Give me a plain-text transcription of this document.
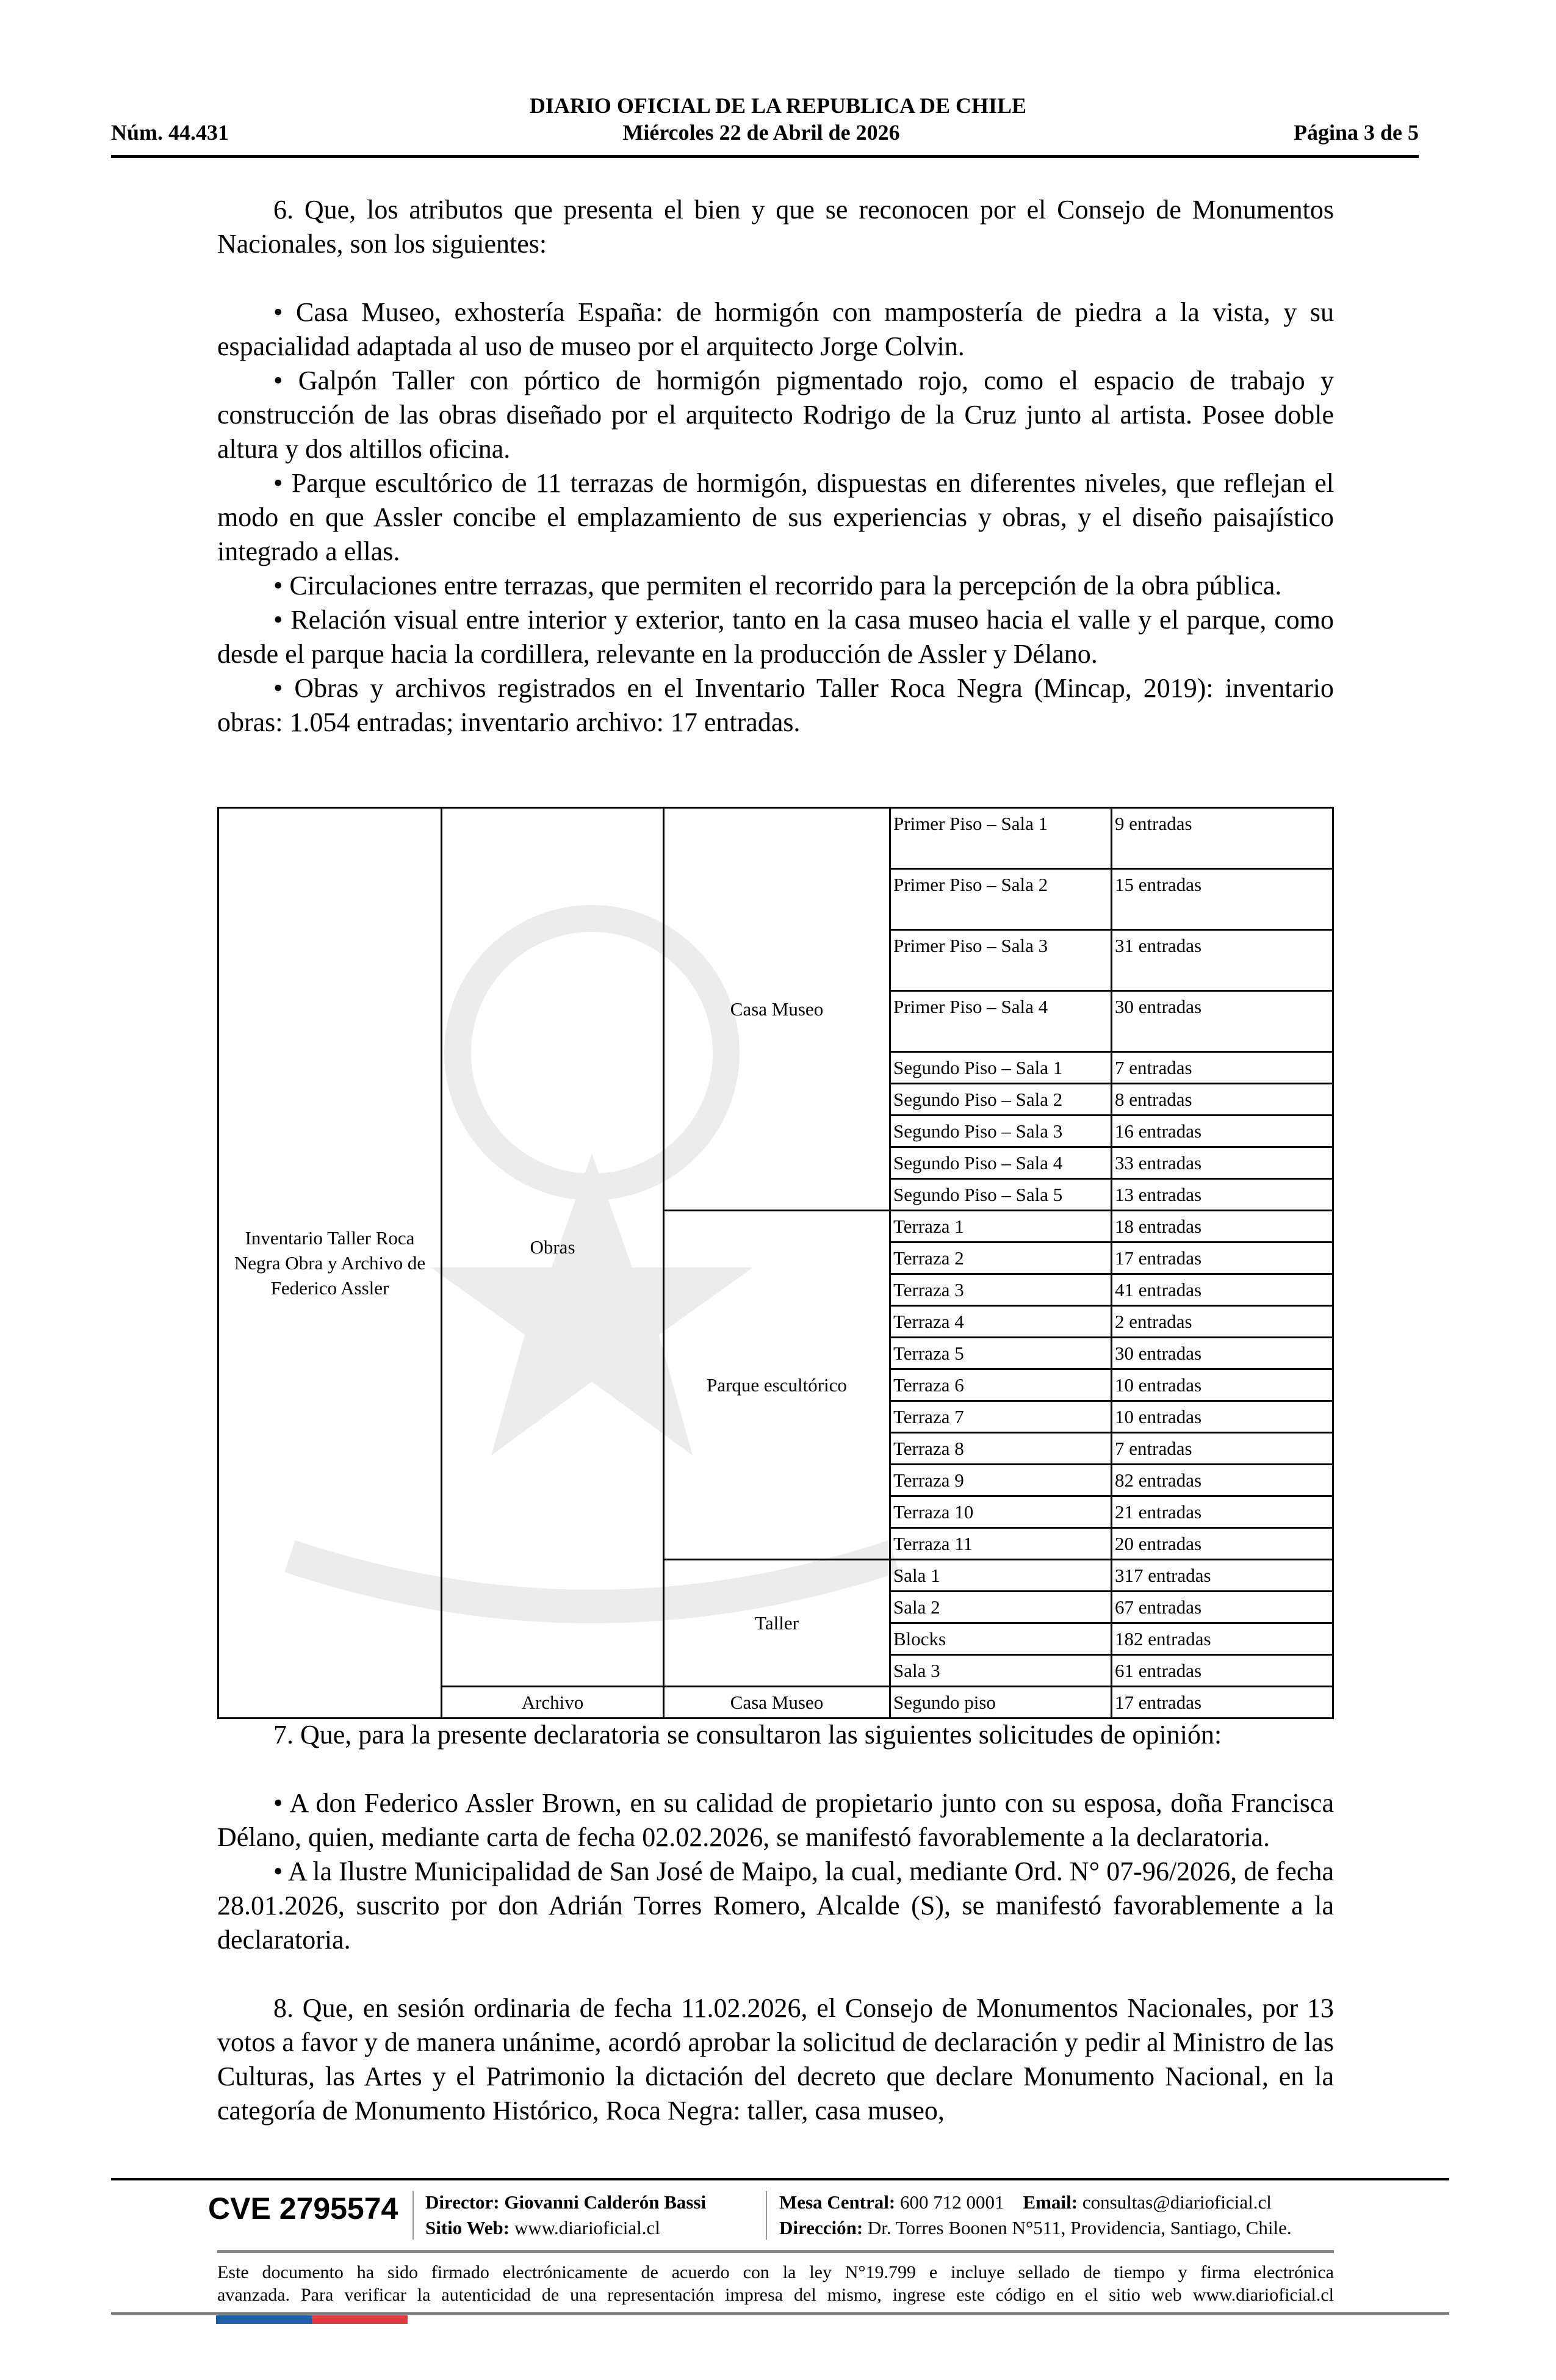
DIARIO OFICIAL DE LA REPUBLICA DE CHILE
Núm. 44.431	Miércoles 22 de Abril de 2026	Página 3 de 5

6. Que, los atributos que presenta el bien y que se reconocen por el Consejo de Monumentos Nacionales, son los siguientes:

• Casa Museo, exhostería España: de hormigón con mampostería de piedra a la vista, y su espacialidad adaptada al uso de museo por el arquitecto Jorge Colvin.

• Galpón Taller con pórtico de hormigón pigmentado rojo, como el espacio de trabajo y construcción de las obras diseñado por el arquitecto Rodrigo de la Cruz junto al artista. Posee doble altura y dos altillos oficina.

• Parque escultórico de 11 terrazas de hormigón, dispuestas en diferentes niveles, que reflejan el modo en que Assler concibe el emplazamiento de sus experiencias y obras, y el diseño paisajístico integrado a ellas.

• Circulaciones entre terrazas, que permiten el recorrido para la percepción de la obra pública.

• Relación visual entre interior y exterior, tanto en la casa museo hacia el valle y el parque, como desde el parque hacia la cordillera, relevante en la producción de Assler y Délano.

• Obras y archivos registrados en el Inventario Taller Roca Negra (Mincap, 2019): inventario obras: 1.054 entradas; inventario archivo: 17 entradas.

Inventario Taller Roca Negra Obra y Archivo de Federico Assler	Obras	Casa Museo	Primer Piso – Sala 1	9 entradas
			Primer Piso – Sala 2	15 entradas
			Primer Piso – Sala 3	31 entradas
			Primer Piso – Sala 4	30 entradas
			Segundo Piso – Sala 1	7 entradas
			Segundo Piso – Sala 2	8 entradas
			Segundo Piso – Sala 3	16 entradas
			Segundo Piso – Sala 4	33 entradas
			Segundo Piso – Sala 5	13 entradas
		Parque escultórico	Terraza 1	18 entradas
			Terraza 2	17 entradas
			Terraza 3	41 entradas
			Terraza 4	2 entradas
			Terraza 5	30 entradas
			Terraza 6	10 entradas
			Terraza 7	10 entradas
			Terraza 8	7 entradas
			Terraza 9	82 entradas
			Terraza 10	21 entradas
			Terraza 11	20 entradas
		Taller	Sala 1	317 entradas
			Sala 2	67 entradas
			Blocks	182 entradas
			Sala 3	61 entradas
	Archivo	Casa Museo	Segundo piso	17 entradas

7. Que, para la presente declaratoria se consultaron las siguientes solicitudes de opinión:

• A don Federico Assler Brown, en su calidad de propietario junto con su esposa, doña Francisca Délano, quien, mediante carta de fecha 02.02.2026, se manifestó favorablemente a la declaratoria.

• A la Ilustre Municipalidad de San José de Maipo, la cual, mediante Ord. N° 07-96/2026, de fecha 28.01.2026, suscrito por don Adrián Torres Romero, Alcalde (S), se manifestó favorablemente a la declaratoria.

8. Que, en sesión ordinaria de fecha 11.02.2026, el Consejo de Monumentos Nacionales, por 13 votos a favor y de manera unánime, acordó aprobar la solicitud de declaración y pedir al Ministro de las Culturas, las Artes y el Patrimonio la dictación del decreto que declare Monumento Nacional, en la categoría de Monumento Histórico, Roca Negra: taller, casa museo,

CVE 2795574 Director: Giovanni Calderón Bassi
Sitio Web: www.diarioficial.cl
Mesa Central: 600 712 0001 Email: consultas@diarioficial.cl
Dirección: Dr. Torres Boonen N°511, Providencia, Santiago, Chile.
Este documento ha sido firmado electrónicamente de acuerdo con la ley N°19.799 e incluye sellado de tiempo y firma electrónica
avanzada. Para verificar la autenticidad de una representación impresa del mismo, ingrese este código en el sitio web www.diarioficial.cl
